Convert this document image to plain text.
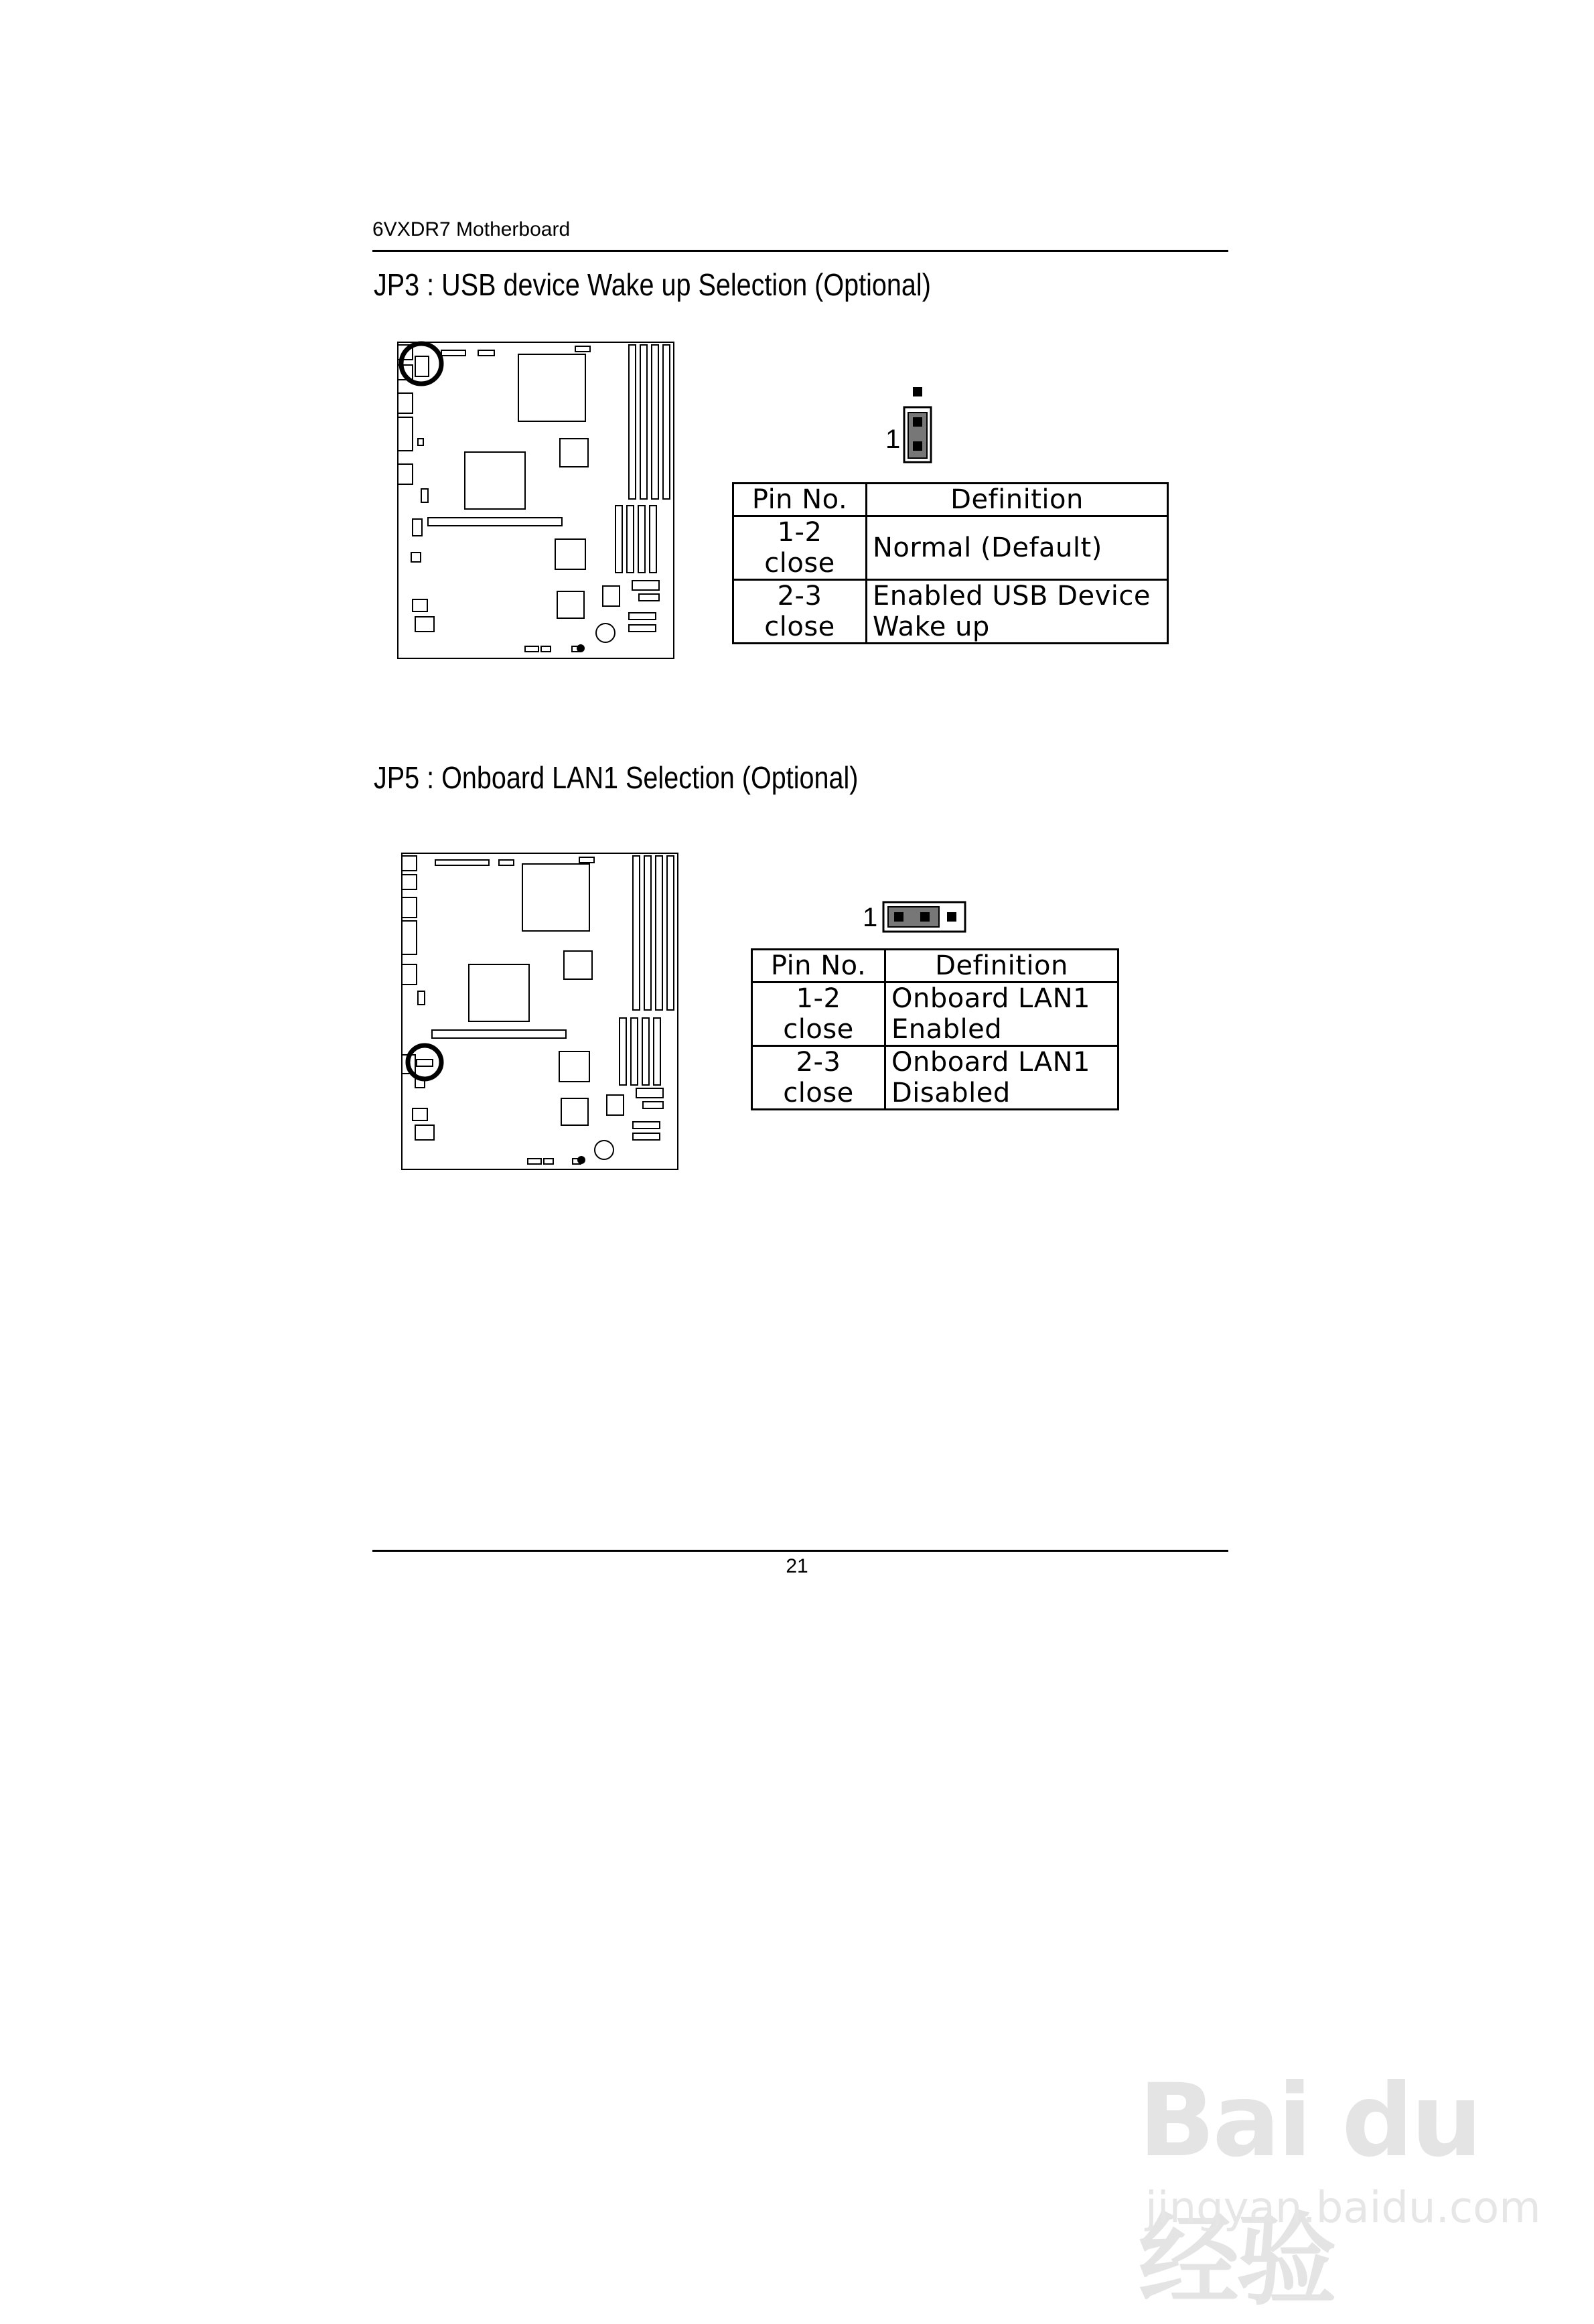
6VXDR7 Motherboard
JP3 : USB device Wake up Selection (Optional)
1
Pin No.	Definition
1-2 close	Normal (Default)
2-3 close	Enabled USB Device
Wake up
JP5 : Onboard LAN1 Selection (Optional)
1
Pin No.	Definition
1-2 close	Onboard LAN1
Enabled
2-3 close	Onboard LAN1
Disabled
21
Bai du 经验
jingyan.baidu.com
